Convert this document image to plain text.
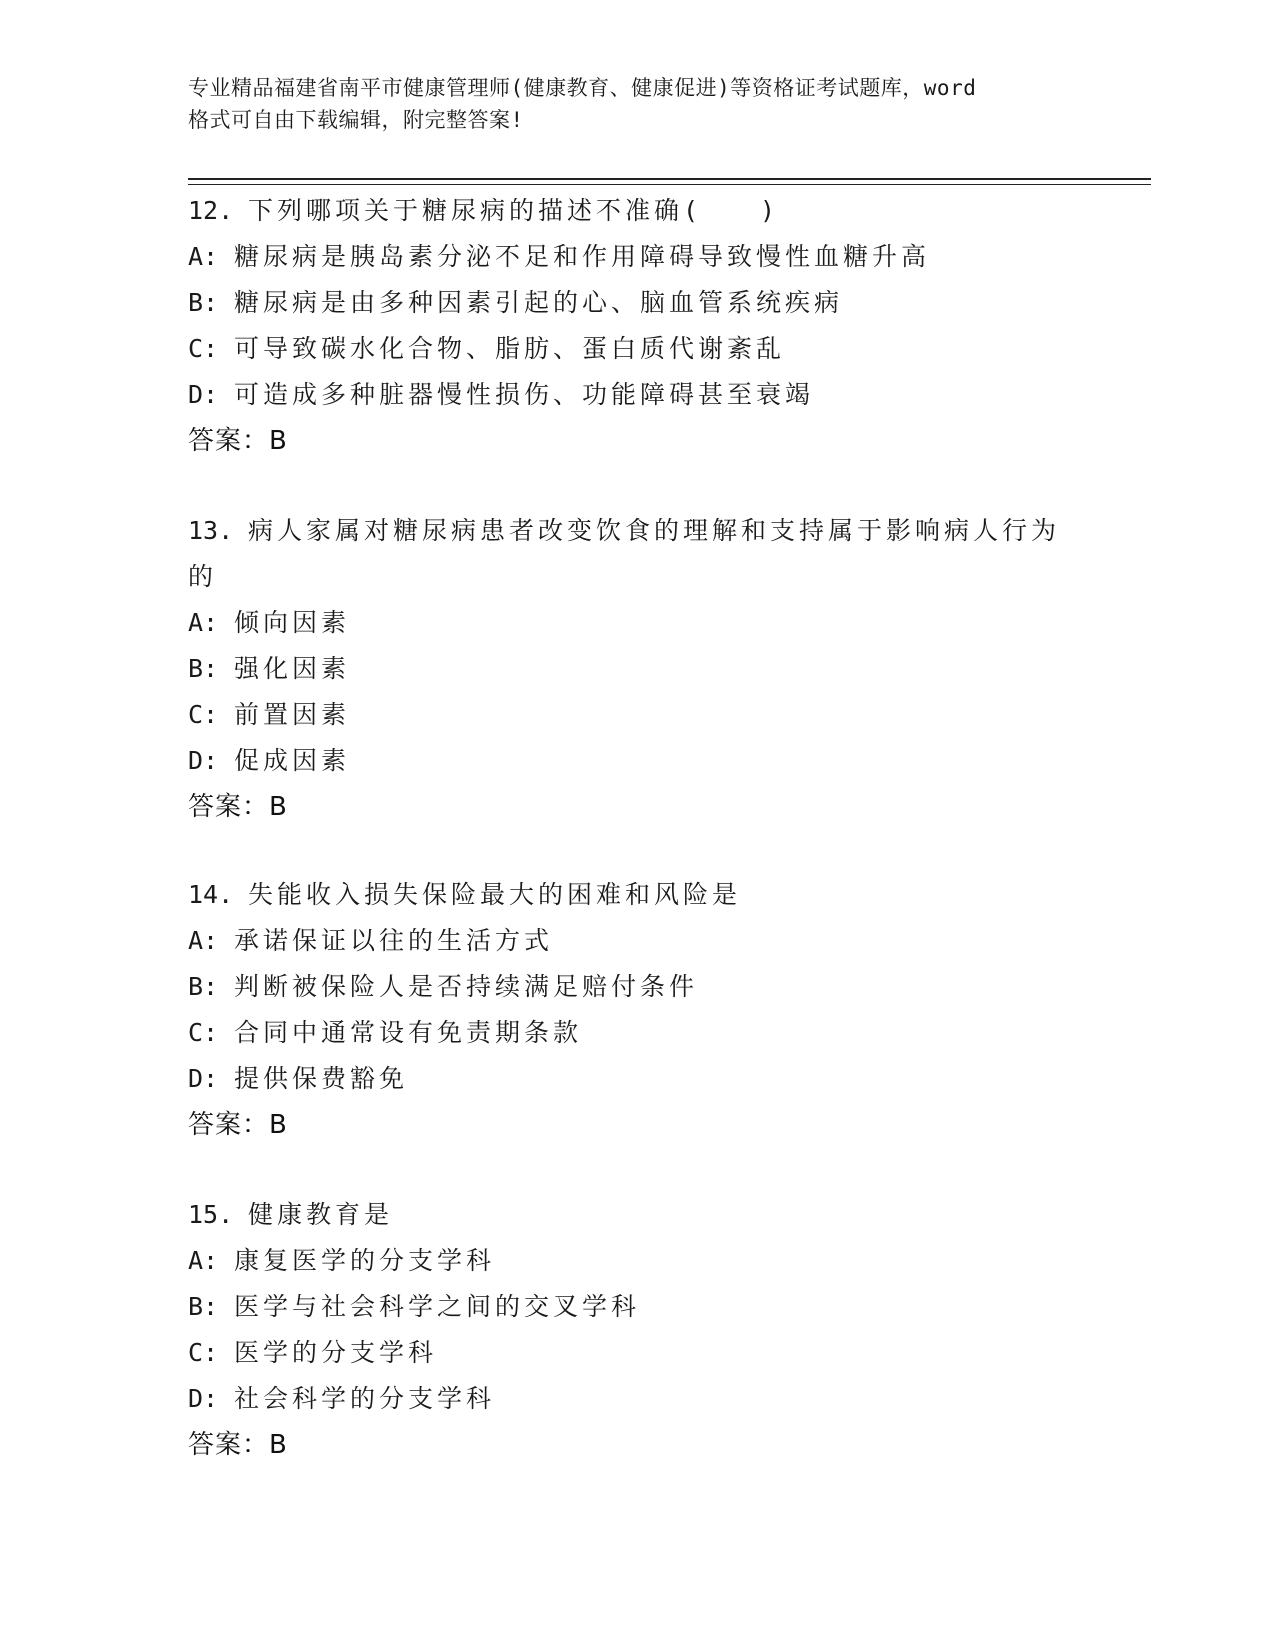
专业精品福建省南平市健康管理师(健康教育、健康促进)等资格证考试题库，word
格式可自由下载编辑，附完整答案!
12. 下列哪项关于糖尿病的描述不准确(　　)
A: 糖尿病是胰岛素分泌不足和作用障碍导致慢性血糖升高
B: 糖尿病是由多种因素引起的心、脑血管系统疾病
C: 可导致碳水化合物、脂肪、蛋白质代谢紊乱
D: 可造成多种脏器慢性损伤、功能障碍甚至衰竭
答案：B
13. 病人家属对糖尿病患者改变饮食的理解和支持属于影响病人行为
的
A: 倾向因素
B: 强化因素
C: 前置因素
D: 促成因素
答案：B
14. 失能收入损失保险最大的困难和风险是
A: 承诺保证以往的生活方式
B: 判断被保险人是否持续满足赔付条件
C: 合同中通常设有免责期条款
D: 提供保费豁免
答案：B
15. 健康教育是
A: 康复医学的分支学科
B: 医学与社会科学之间的交叉学科
C: 医学的分支学科
D: 社会科学的分支学科
答案：B
